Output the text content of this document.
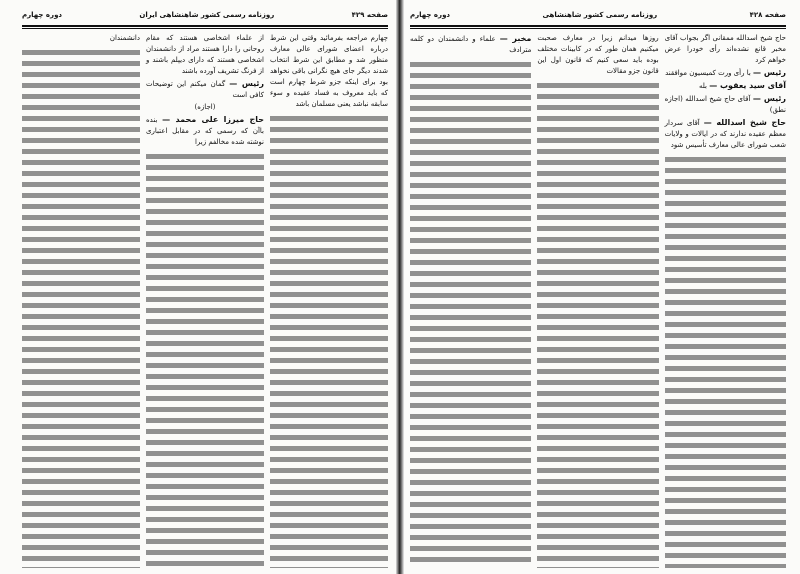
صفحه ۴۲۹
روزنامه رسمی کشور شاهنشاهی ایران
دوره چهارم

چهارم مراجعه بفرمائید وقتی این شرط درباره اعضای شورای عالی معارف منظور شد و مطابق این شرط انتخاب شدند دیگر جای هیچ نگرانی باقی نخواهد بود برای اینکه جزو شرط چهارم است که باید معروف به فساد عقیده و سوء سابقه نباشد یعنی مسلمان باشد

از علماء اشخاصی هستند که مقام روحانی را دارا هستند مراد از دانشمندان اشخاصی هستند که دارای دیپلم باشند و از فرنگ تشریف آورده باشند

رئیس — گمان میکنم این توضیحات کافی است

(اجازه)

حاج میرزا علی محمد — بنده باآن که رسمی که در مقابل اعتباری نوشته شده مخالفم زیرا

دانشمندان

صفحه ۴۲۸
روزنامه رسمی کشور شاهنشاهی
دوره چهارم

حاج شیخ اسدالله ممقانی اگر بجواب آقای مخبر قانع نشده‌اند رأی خودرا عرض خواهم کرد

رئیس — با رأی ورت کمیسیون موافقند

آقای سید یعقوب — بله

رئیس — آقای حاج شیخ اسدالله (اجازه نطق)

حاج شیخ اسدالله — آقای سردار معظم عقیده ندارند که در ایالات و ولایات شعب شورای عالی معارف تأسیس شود

روزها میدانم زیرا در معارف صحبت میکنیم همان طور که در کابینات مختلف بوده باید سعی کنیم که قانون اول این قانون جزو مقالات

مخبر — علماء و دانشمندان دو کلمه مترادف
